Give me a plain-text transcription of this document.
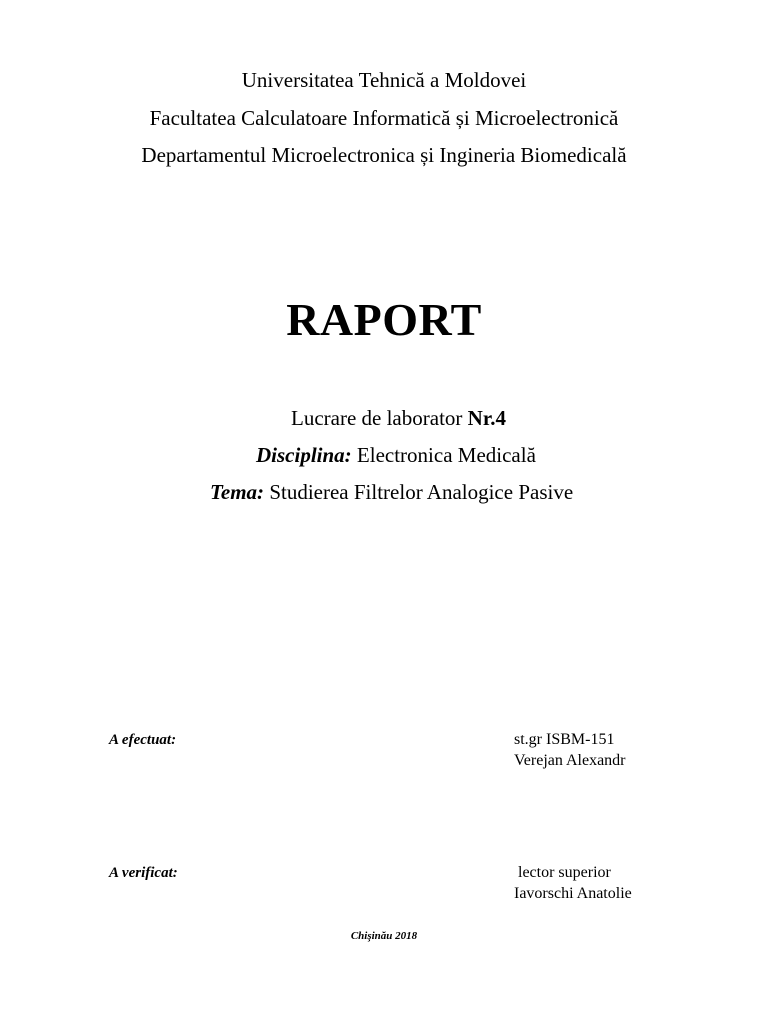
Universitatea Tehnică a Moldovei
Facultatea Calculatoare Informatică și Microelectronică
Departamentul Microelectronica și Ingineria Biomedicală
RAPORT
Lucrare de laborator Nr.4
Disciplina: Electronica Medicală
Tema: Studierea Filtrelor Analogice Pasive
A efectuat:	st.gr ISBM-151
Verejan Alexandr
A verificat:	lector superior
Iavorschi Anatolie
Chişinău 2018
